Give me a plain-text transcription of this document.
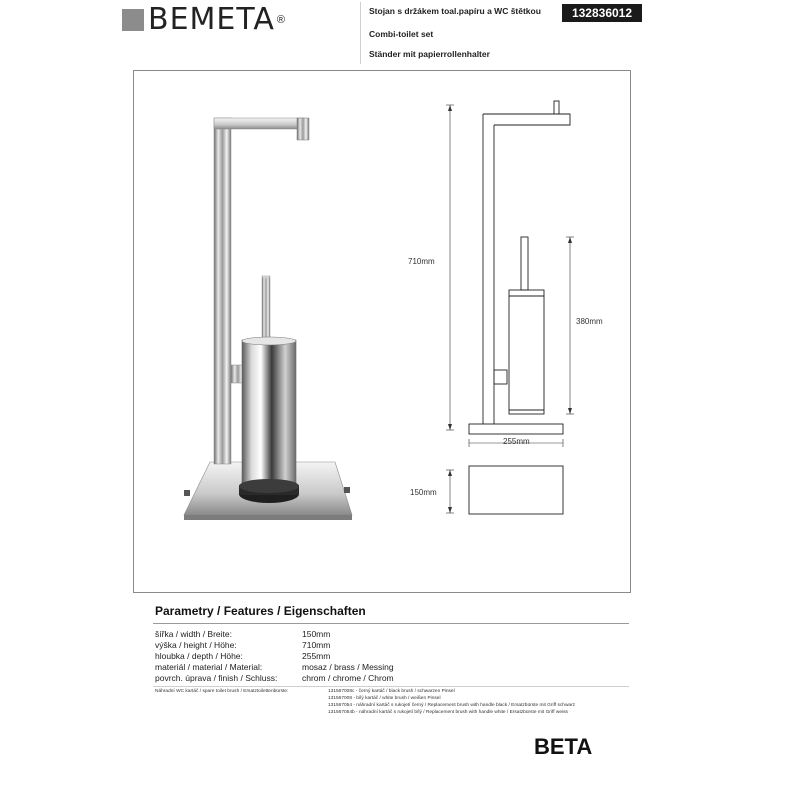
BEMETA ®
Stojan s držákem toal.papíru a WC štětkou
Combi-toilet set
Ständer mit papierrollenhalter
132836012
710mm
380mm
255mm
150mm
Parametry / Features / Eigenschaften
šířka / width / Breite:	150mm
výška / height / Höhe:	710mm
hloubka / depth / Höhe:	255mm
materiál / material / Material:	mosaz / brass / Messing
povrch. úprava / finish / Schluss:	chrom / chrome / Chrom
Náhradní WC kartáč / spare toilet brush / Ersatztoilettenbürste:	131567008c - černý kartáč / black brush / schwarzen Pinsel
131567008 - bílý kartáč / white brush / weißen Pinsel
131567054 - náhradní kartáč s rukojetí černý / Replacement brush with handle black / Ersatzbürste mit Griff schwarz
131567054b - náhradní kartáč s rukojetí bílý / Replacement brush with handle white / Ersatzbürste mit Griff weiss
BETA
